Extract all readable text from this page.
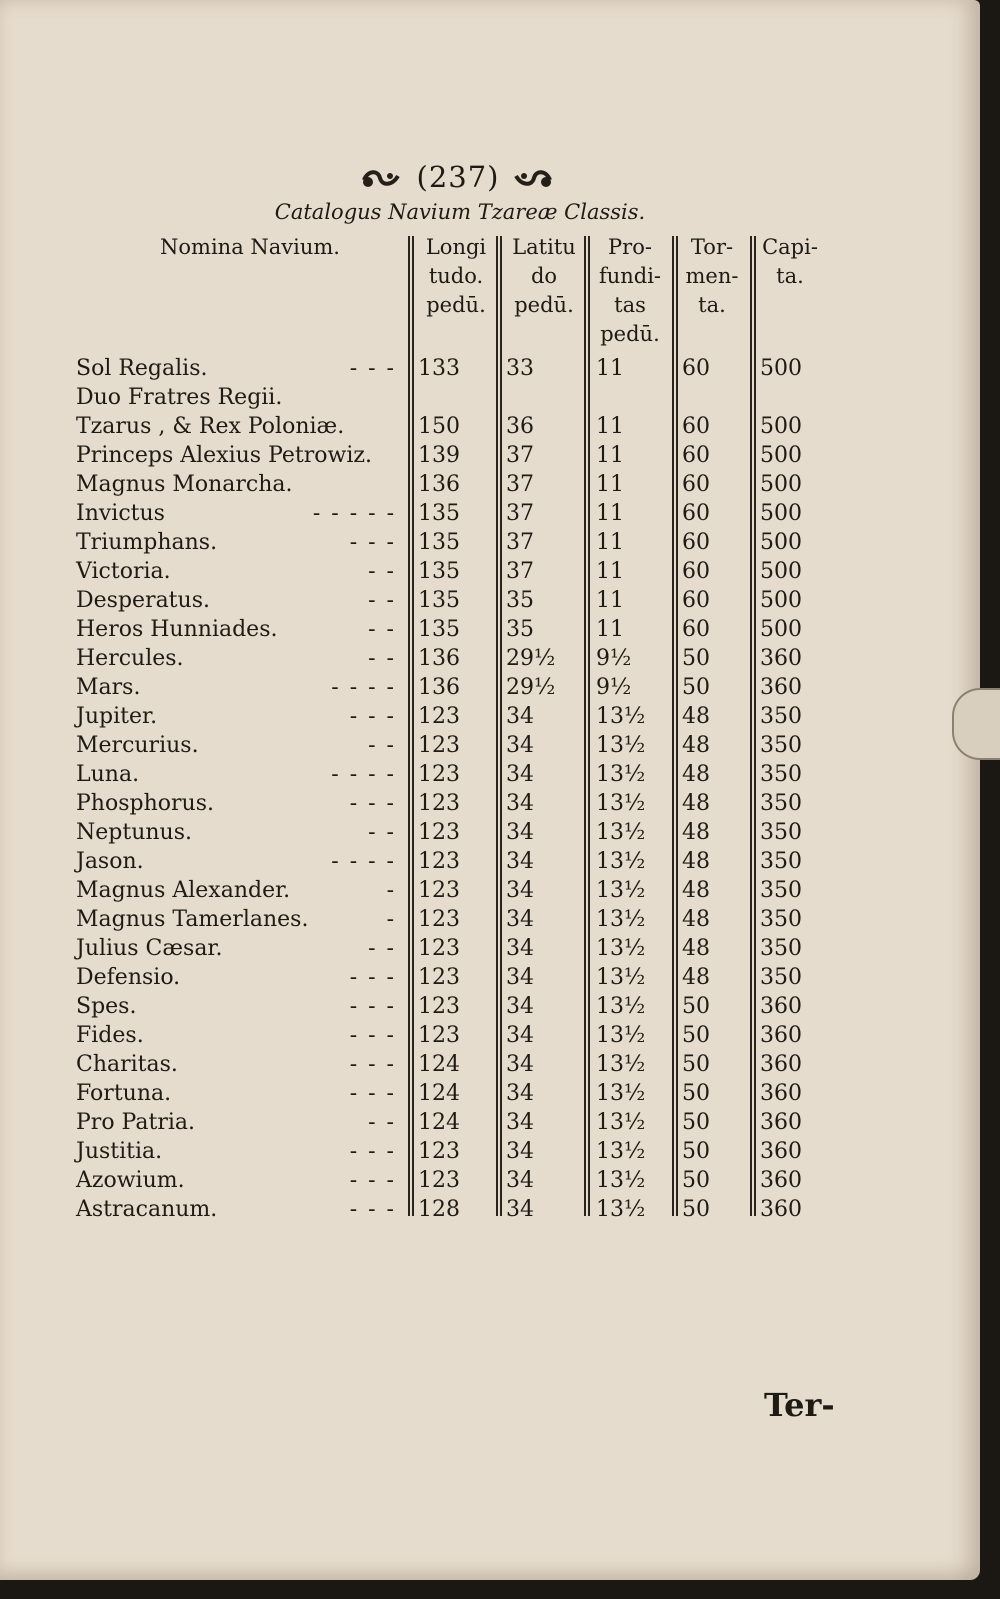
(237)
Catalogus Navium Tzareæ Classis.
Nomina Navium.	Longi
tudo.
pedū.
Latitu
do
pedū.
Pro-
fundi-
tas
pedū.
Tor-
men-
ta.
Capi-
ta.
Sol Regalis.	- - - 133 33	11	60 500
Duo Fratres Regii.
Tzarus , & Rex Poloniæ.	150 36	11	60 500
Princeps Alexius Petrowiz. 139 37	11	60 500
Magnus Monarcha.	136 37	11	60 500
Invictus	- - - - - 135 37	11	60 500
Triumphans.	- - - 135 37	11	60 500
Victoria.	- - 135 37	11	60 500
Desperatus.	- - 135 35	11	60 500
Heros Hunniades.	- - 135 35	11	60 500
Hercules.	- - 136 29½ 9½ 50 360
Mars.	- - - - 136 29½ 9½ 50 360
Jupiter.	- - - 123 34	13½ 48 350
Mercurius.	- - 123 34	13½ 48 350
Luna.	- - - - 123 34	13½ 48 350
Phosphorus.	- - - 123 34	13½ 48 350
Neptunus.	- - 123 34	13½ 48 350
Jason.	- - - - 123 34	13½ 48 350
Magnus Alexander.	- 123 34	13½ 48 350
Magnus Tamerlanes.	- 123 34	13½ 48 350
Julius Cæsar.	- - 123 34	13½ 48 350
Defensio.	- - - 123 34	13½ 48 350
Spes.	- - - 123 34	13½ 50 360
Fides.	- - - 123 34	13½ 50 360
Charitas.	- - - 124 34	13½ 50 360
Fortuna.	- - - 124 34	13½ 50 360
Pro Patria.	- - 124 34	13½ 50 360
Justitia.	- - - 123 34	13½ 50 360
Azowium.	- - - 123 34	13½ 50 360
Astracanum.	- - - 128 34	13½ 50 360
Ter-
